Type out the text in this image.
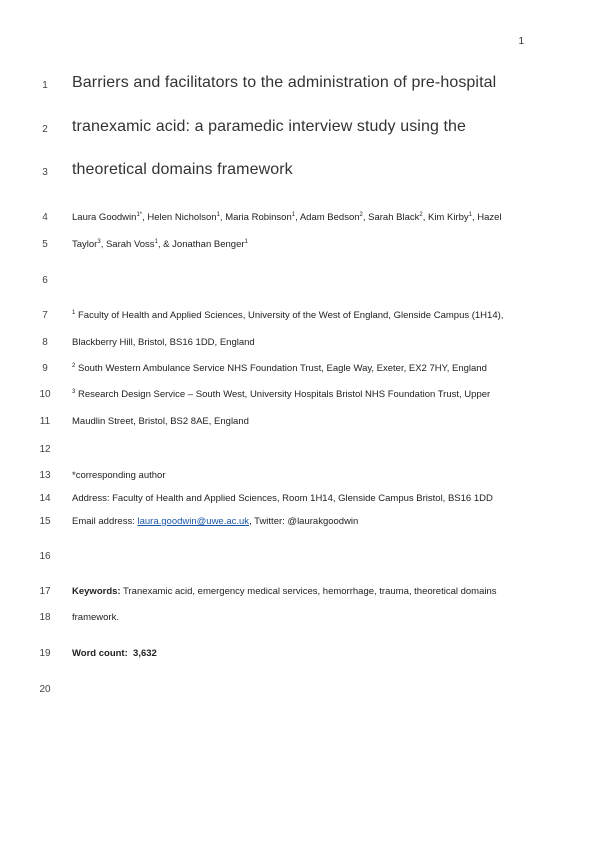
1
1	Barriers and facilitators to the administration of pre-hospital
2	tranexamic acid: a paramedic interview study using the
3	theoretical domains framework
4	Laura Goodwin$^{1*}$, Helen Nicholson$^1$, Maria Robinson$^1$, Adam Bedson$^2$, Sarah Black$^2$, Kim Kirby$^1$, Hazel
5	Taylor$^3$, Sarah Voss$^1$, & Jonathan Benger$^1$
6
7	$^1$ Faculty of Health and Applied Sciences, University of the West of England, Glenside Campus (1H14),
8	Blackberry Hill, Bristol, BS16 1DD, England
9	$^2$ South Western Ambulance Service NHS Foundation Trust, Eagle Way, Exeter, EX2 7HY, England
10	$^3$ Research Design Service – South West, University Hospitals Bristol NHS Foundation Trust, Upper
11	Maudlin Street, Bristol, BS2 8AE, England
12
13	*corresponding author
14	Address: Faculty of Health and Applied Sciences, Room 1H14, Glenside Campus Bristol, BS16 1DD
15	Email address: laura.goodwin@uwe.ac.uk, Twitter: @laurakgoodwin
16
17	Keywords: Tranexamic acid, emergency medical services, hemorrhage, trauma, theoretical domains
18	framework.
19	Word count:  3,632
20
